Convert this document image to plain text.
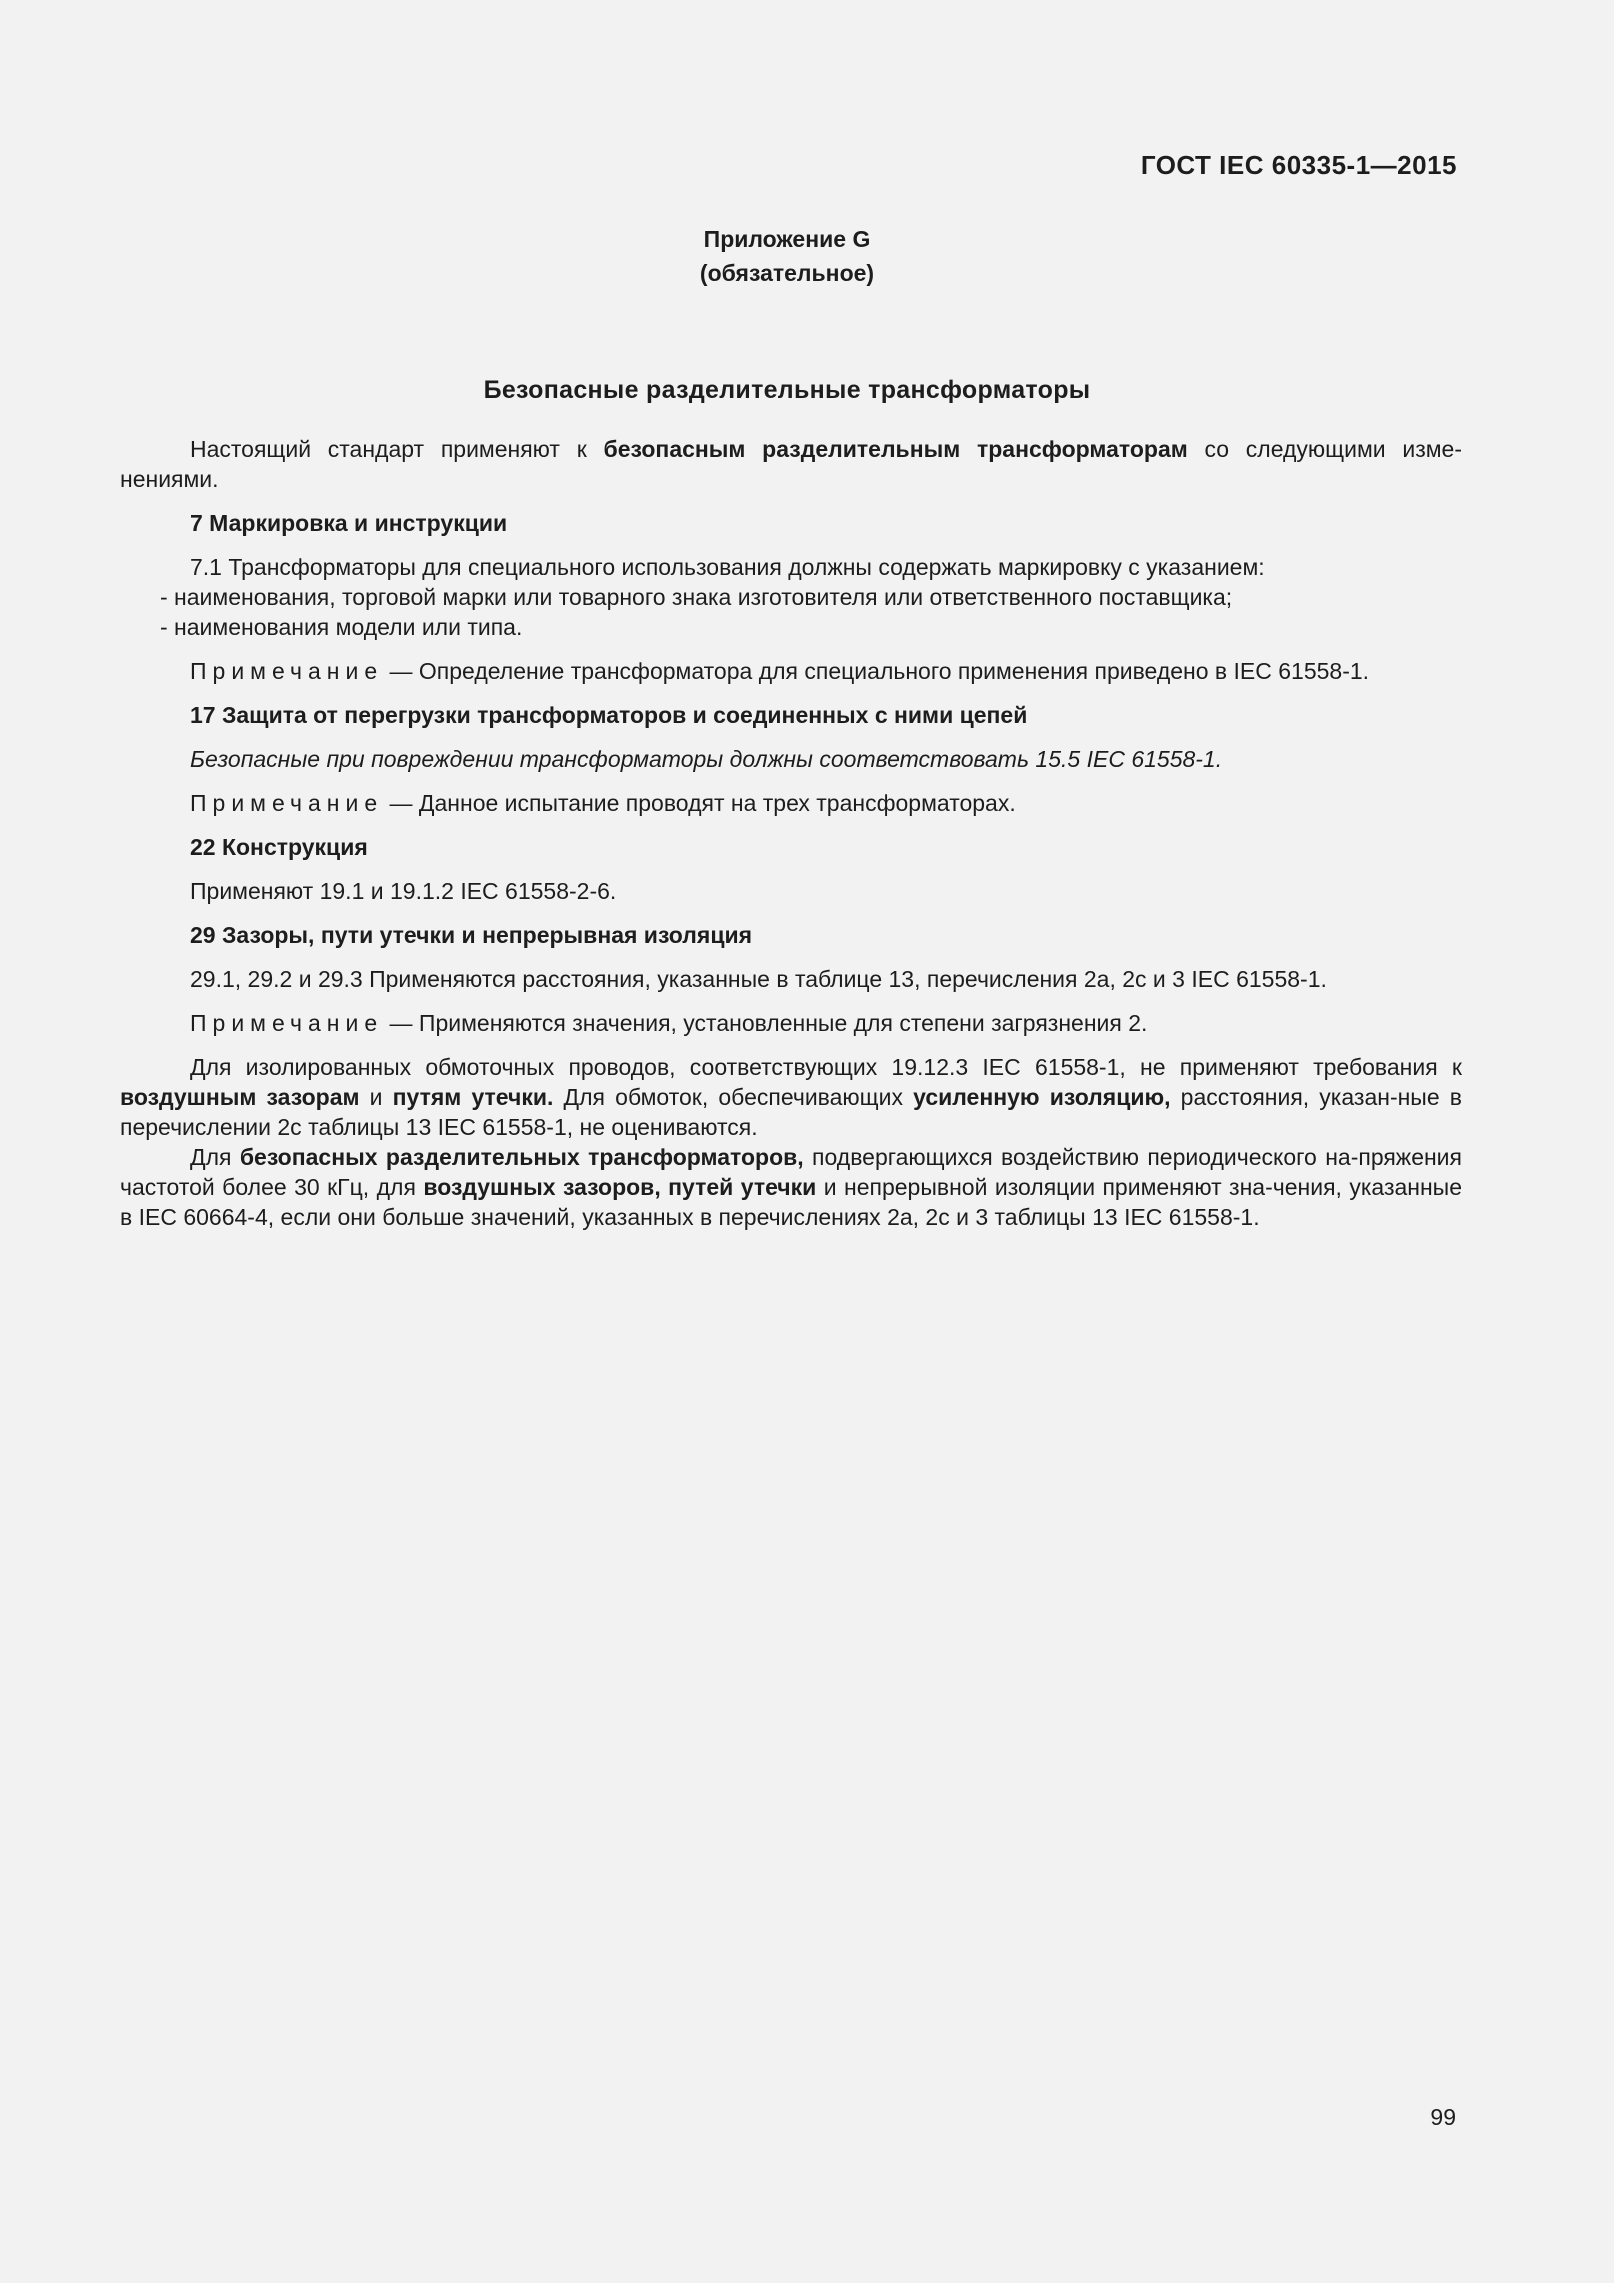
ГОСТ IEC 60335-1—2015
Приложение G
(обязательное)
Безопасные разделительные трансформаторы

Настоящий стандарт применяют к безопасным разделительным трансформаторам со следующими изме-нениями.

7 Маркировка и инструкции

7.1 Трансформаторы для специального использования должны содержать маркировку с указанием:

- наименования, торговой марки или товарного знака изготовителя или ответственного поставщика;

- наименования модели или типа.

Примечание — Определение трансформатора для специального применения приведено в IEC 61558-1.

17 Защита от перегрузки трансформаторов и соединенных с ними цепей

Безопасные при повреждении трансформаторы должны соответствовать 15.5 IEC 61558-1.

Примечание — Данное испытание проводят на трех трансформаторах.

22 Конструкция

Применяют 19.1 и 19.1.2 IEC 61558-2-6.

29 Зазоры, пути утечки и непрерывная изоляция

29.1, 29.2 и 29.3 Применяются расстояния, указанные в таблице 13, перечисления 2a, 2c и 3 IEC 61558-1.

Примечание — Применяются значения, установленные для степени загрязнения 2.

Для изолированных обмоточных проводов, соответствующих 19.12.3 IEC 61558-1, не применяют требования к воздушным зазорам и путям утечки. Для обмоток, обеспечивающих усиленную изоляцию, расстояния, указан-ные в перечислении 2c таблицы 13 IEC 61558-1, не оцениваются.

Для безопасных разделительных трансформаторов, подвергающихся воздействию периодического на-пряжения частотой более 30 кГц, для воздушных зазоров, путей утечки и непрерывной изоляции применяют зна-чения, указанные в IEC 60664-4, если они больше значений, указанных в перечислениях 2a, 2c и 3 таблицы 13 IEC 61558-1.

99
